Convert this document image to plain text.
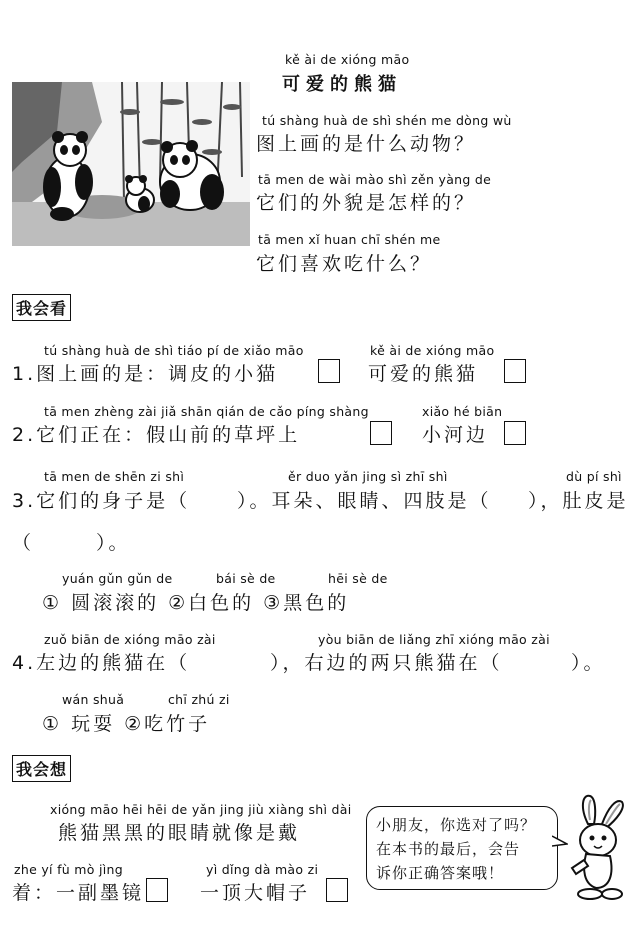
kě ài de xióng māo
可爱的熊猫
tú shàng huà de shì shén me dòng wù
图上画的是什么动物？
tā men de wài mào shì zěn yàng de
它们的外貌是怎样的？
tā men xǐ huan chī shén me
它们喜欢吃什么？
我会看
tú shàng huà de shì tiáo pí de xiǎo māo	kě ài de xióng māo
1.图上画的是：调皮的小猫	可爱的熊猫
tā men zhèng zài jiǎ shān qián de cǎo píng shàng	xiǎo hé biān
2.它们正在：假山前的草坪上	小河边
tā men de shēn zi shì	ěr duo yǎn jing sì zhī shì	dù pí shì
3.它们的身子是（ ）。耳朵、眼睛、四肢是（ ），肚皮是
（	）。
yuán gǔn gǔn de	bái sè de	hēi sè de
① 圆滚滚的 ②白色的 ③黑色的
zuǒ biān de xióng māo zài	yòu biān de liǎng zhī xióng māo zài
4.左边的熊猫在（	），右边的两只熊猫在（	）。
wán shuǎ	chī zhú zi
① 玩耍 ②吃竹子
我会想
xióng māo hēi hēi de yǎn jing jiù xiàng shì dài
熊猫黑黑的眼睛就像是戴
zhe yí fù mò jìng	yì dǐng dà mào zi
着：一副墨镜	一顶大帽子
小朋友，你选对了吗？
在本书的最后，会告
诉你正确答案哦！
